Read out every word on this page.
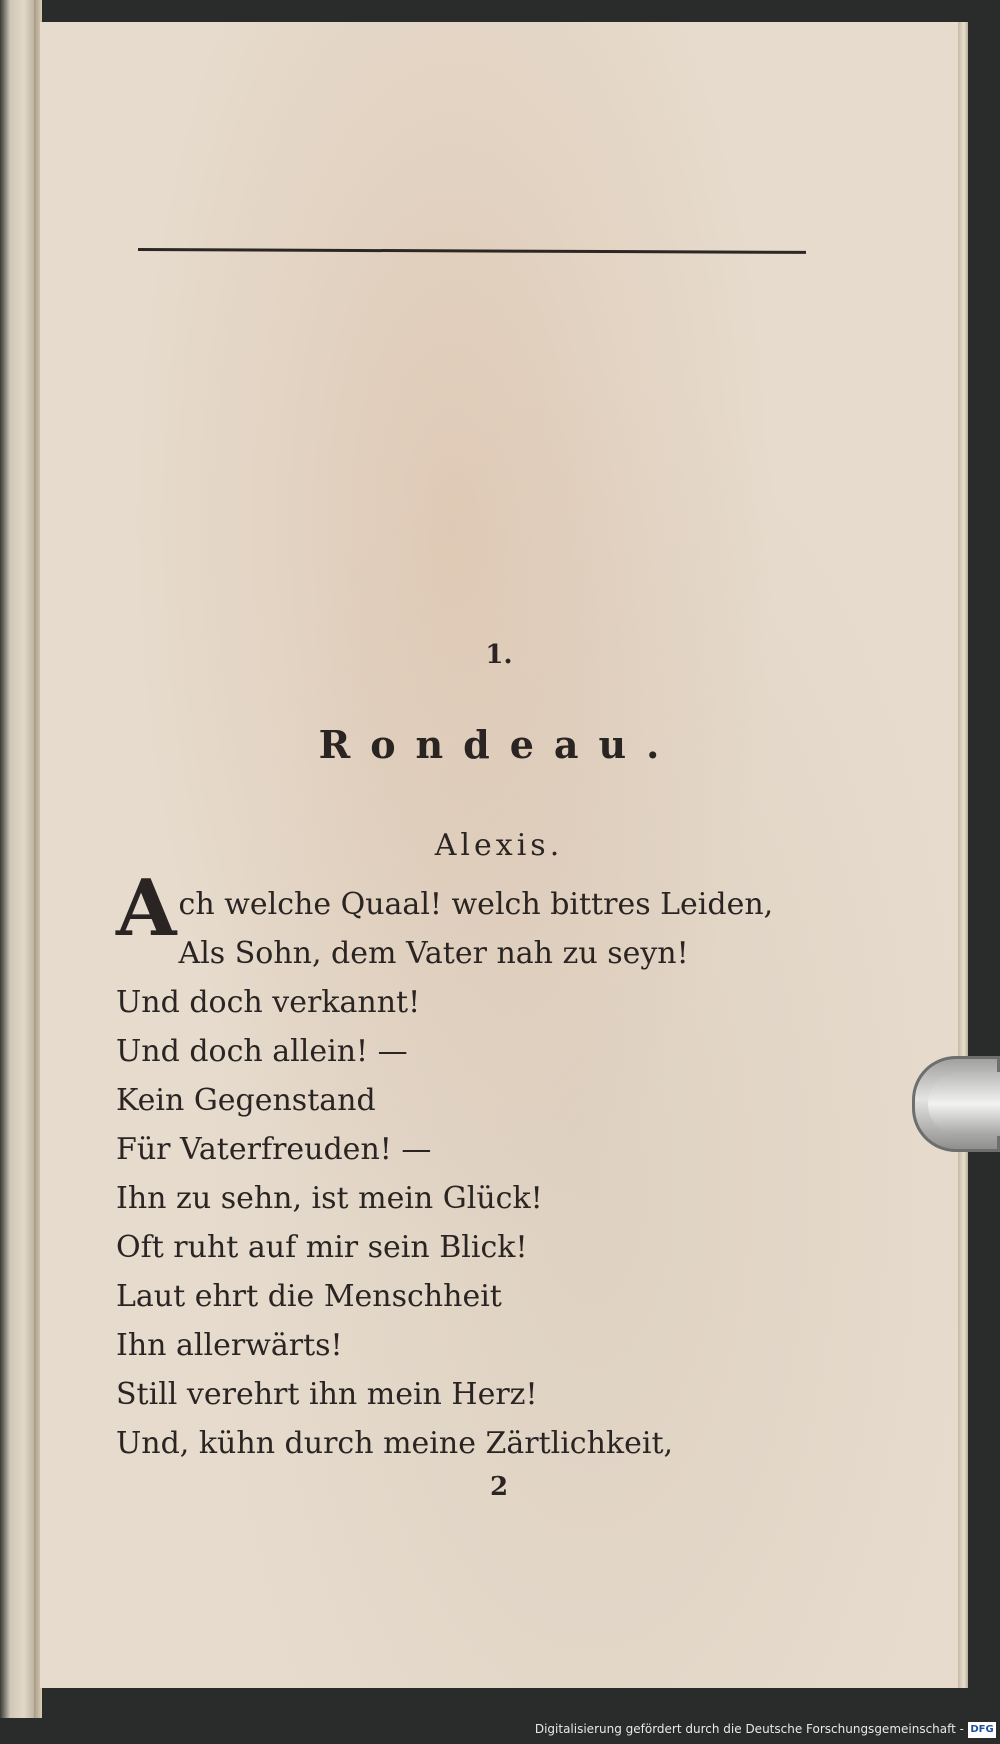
1.
Rondeau.
Alexis.
A ch welche Quaal! welch bittres Leiden,
Als Sohn, dem Vater nah zu seyn!
Und doch verkannt!
Und doch allein! —
Kein Gegenstand
Für Vaterfreuden! —
Ihn zu sehn, ist mein Glück!
Oft ruht auf mir sein Blick!
Laut ehrt die Menschheit
Ihn allerwärts!
Still verehrt ihn mein Herz!
Und, kühn durch meine Zärtlichkeit,
2
Digitalisierung gefördert durch die Deutsche Forschungsgemeinschaft - DFG
